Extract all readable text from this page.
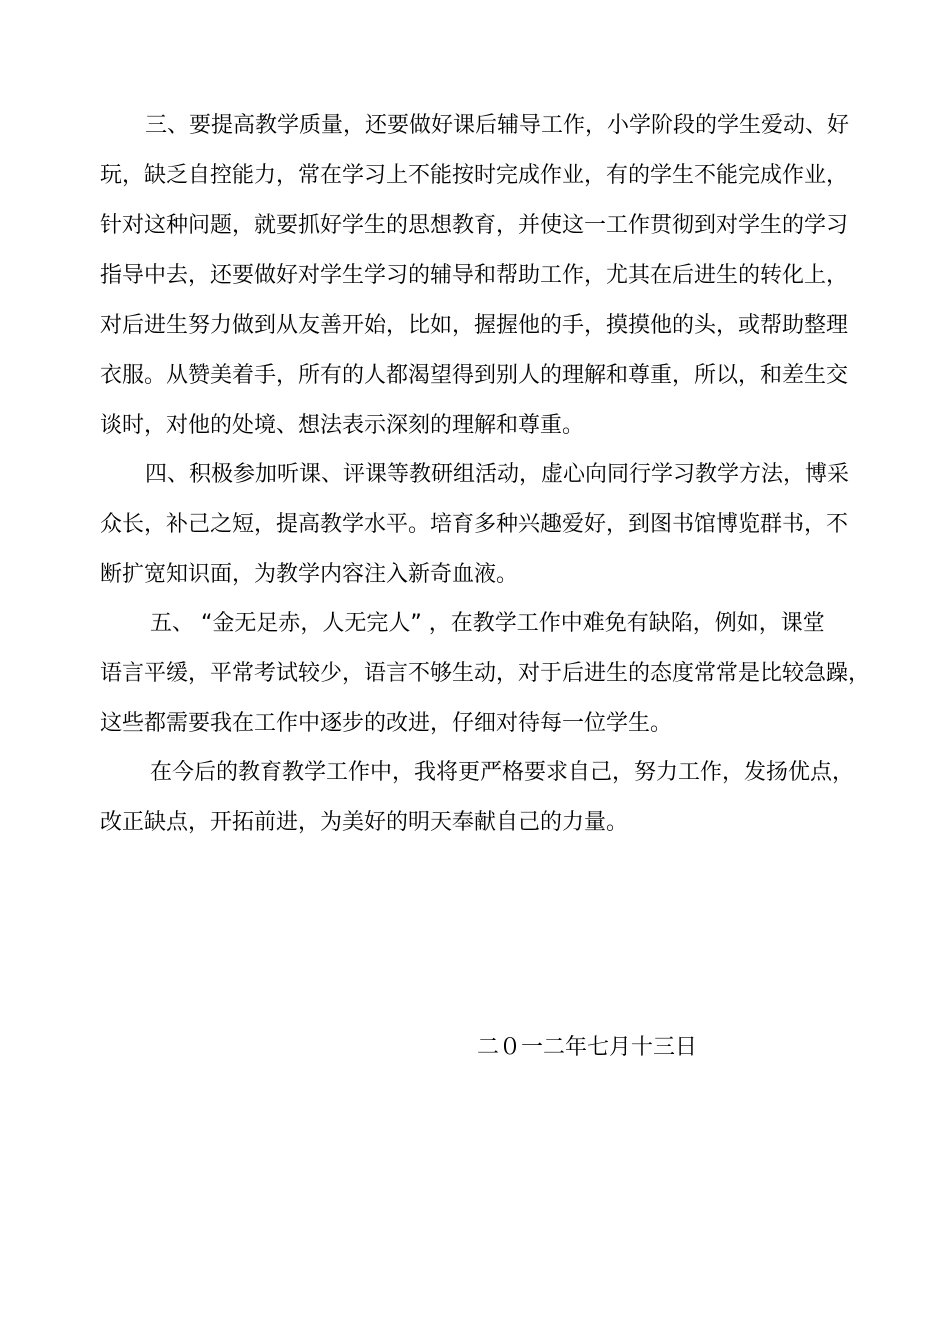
三、要提高教学质量，还要做好课后辅导工作，小学阶段的学生爱动、好
玩，缺乏自控能力，常在学习上不能按时完成作业，有的学生不能完成作业，
针对这种问题，就要抓好学生的思想教育，并使这一工作贯彻到对学生的学习
指导中去，还要做好对学生学习的辅导和帮助工作，尤其在后进生的转化上，
对后进生努力做到从友善开始，比如，握握他的手，摸摸他的头，或帮助整理
衣服。从赞美着手，所有的人都渴望得到别人的理解和尊重，所以，和差生交
谈时，对他的处境、想法表示深刻的理解和尊重。
四、积极参加听课、评课等教研组活动，虚心向同行学习教学方法，博采
众长，补己之短，提高教学水平。培育多种兴趣爱好，到图书馆博览群书，不
断扩宽知识面，为教学内容注入新奇血液。
五、 “金无足赤，人无完人” ，在教学工作中难免有缺陷，例如，课堂
语言平缓，平常考试较少，语言不够生动，对于后进生的态度常常是比较急躁，
这些都需要我在工作中逐步的改进，仔细对待每一位学生。
在今后的教育教学工作中，我将更严格要求自己，努力工作，发扬优点，
改正缺点，开拓前进，为美好的明天奉献自己的力量。
二０一二年七月十三日
